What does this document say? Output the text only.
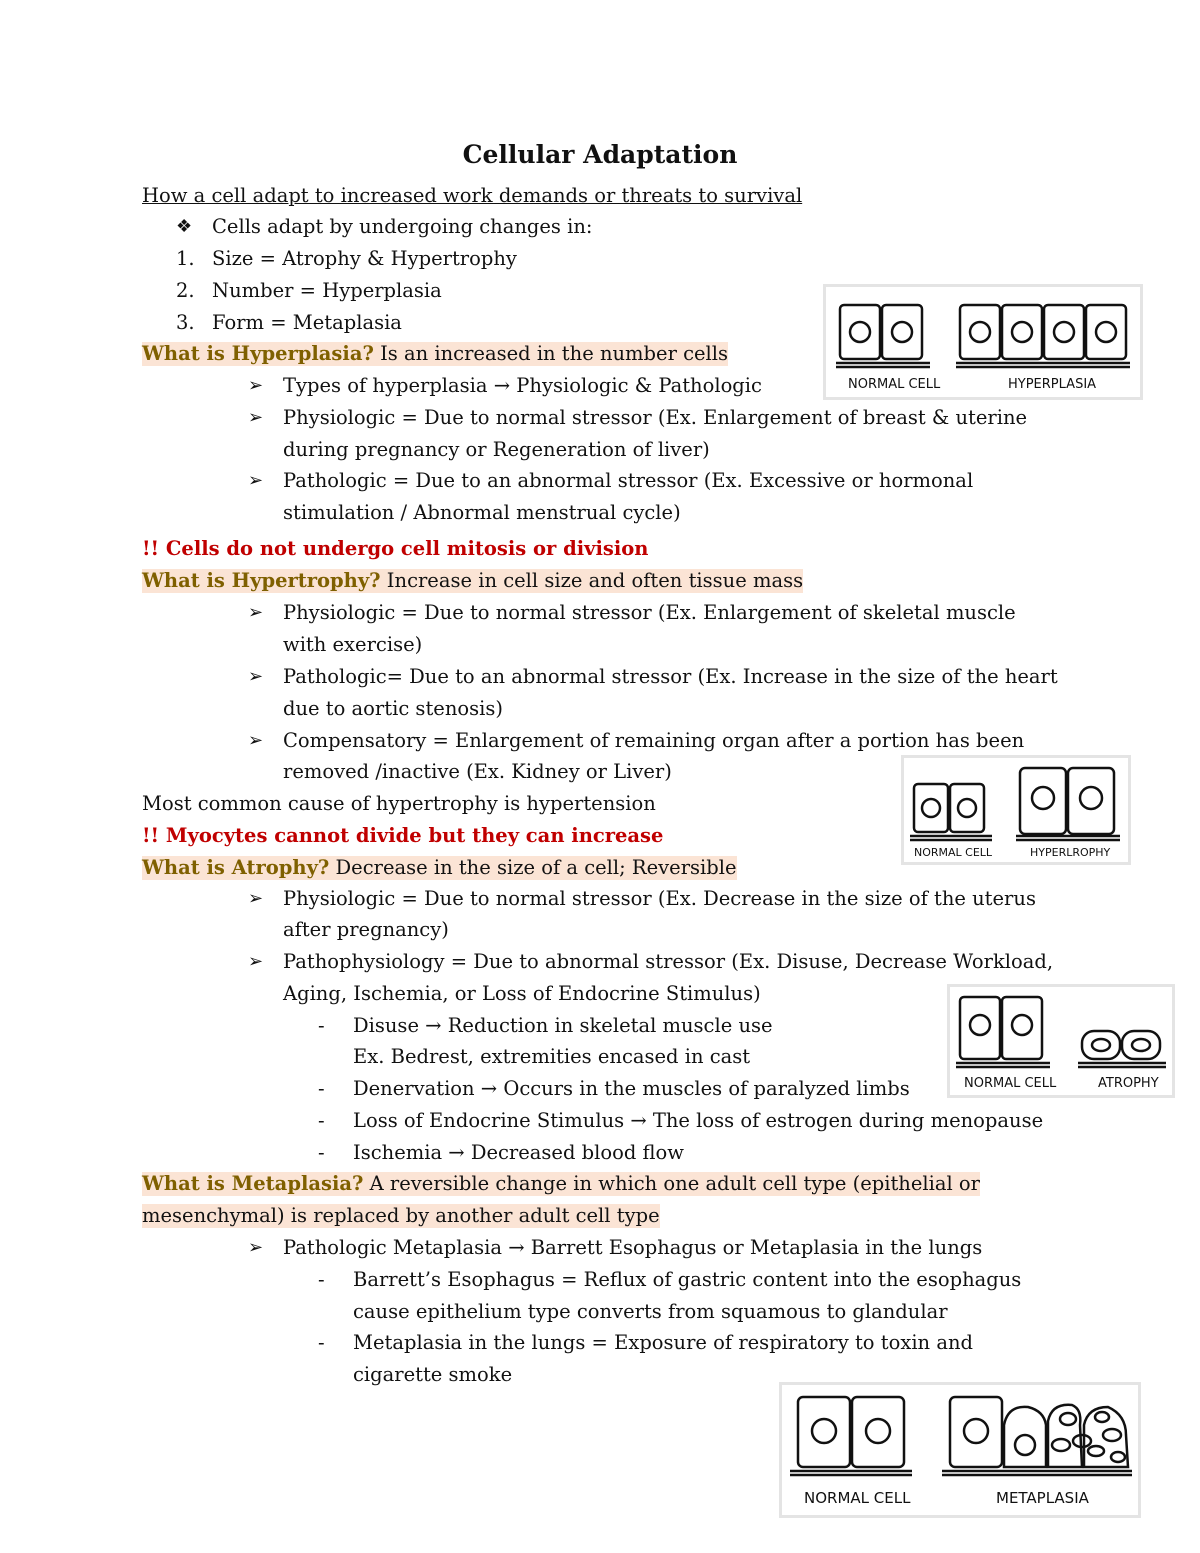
Cellular Adaptation
How a cell adapt to increased work demands or threats to survival
❖ Cells adapt by undergoing changes in:
1. Size = Atrophy & Hypertrophy
2. Number = Hyperplasia
3. Form = Metaplasia
What is Hyperplasia? Is an increased in the number cells
➢ Types of hyperplasia → Physiologic & Pathologic
➢ Physiologic = Due to normal stressor (Ex. Enlargement of breast & uterine
during pregnancy or Regeneration of liver)
➢ Pathologic = Due to an abnormal stressor (Ex. Excessive or hormonal
stimulation / Abnormal menstrual cycle)
!! Cells do not undergo cell mitosis or division
What is Hypertrophy? Increase in cell size and often tissue mass
➢ Physiologic = Due to normal stressor (Ex. Enlargement of skeletal muscle
with exercise)
➢ Pathologic= Due to an abnormal stressor (Ex. Increase in the size of the heart
due to aortic stenosis)
➢ Compensatory = Enlargement of remaining organ after a portion has been
removed /inactive (Ex. Kidney or Liver)
Most common cause of hypertrophy is hypertension
!! Myocytes cannot divide but they can increase
What is Atrophy? Decrease in the size of a cell; Reversible
➢ Physiologic = Due to normal stressor (Ex. Decrease in the size of the uterus
after pregnancy)
➢ Pathophysiology = Due to abnormal stressor (Ex. Disuse, Decrease Workload,
Aging, Ischemia, or Loss of Endocrine Stimulus)
- Disuse → Reduction in skeletal muscle use
Ex. Bedrest, extremities encased in cast
- Denervation → Occurs in the muscles of paralyzed limbs
- Loss of Endocrine Stimulus → The loss of estrogen during menopause
- Ischemia → Decreased blood flow
What is Metaplasia? A reversible change in which one adult cell type (epithelial or
mesenchymal) is replaced by another adult cell type
➢ Pathologic Metaplasia → Barrett Esophagus or Metaplasia in the lungs
- Barrett’s Esophagus = Reflux of gastric content into the esophagus
cause epithelium type converts from squamous to glandular
- Metaplasia in the lungs = Exposure of respiratory to toxin and
cigarette smoke
NORMAL CELL	HYPERPLASIA
NORMAL CELL	HYPERLROPHY
NORMAL CELL	ATROPHY
NORMAL CELL	METAPLASIA
